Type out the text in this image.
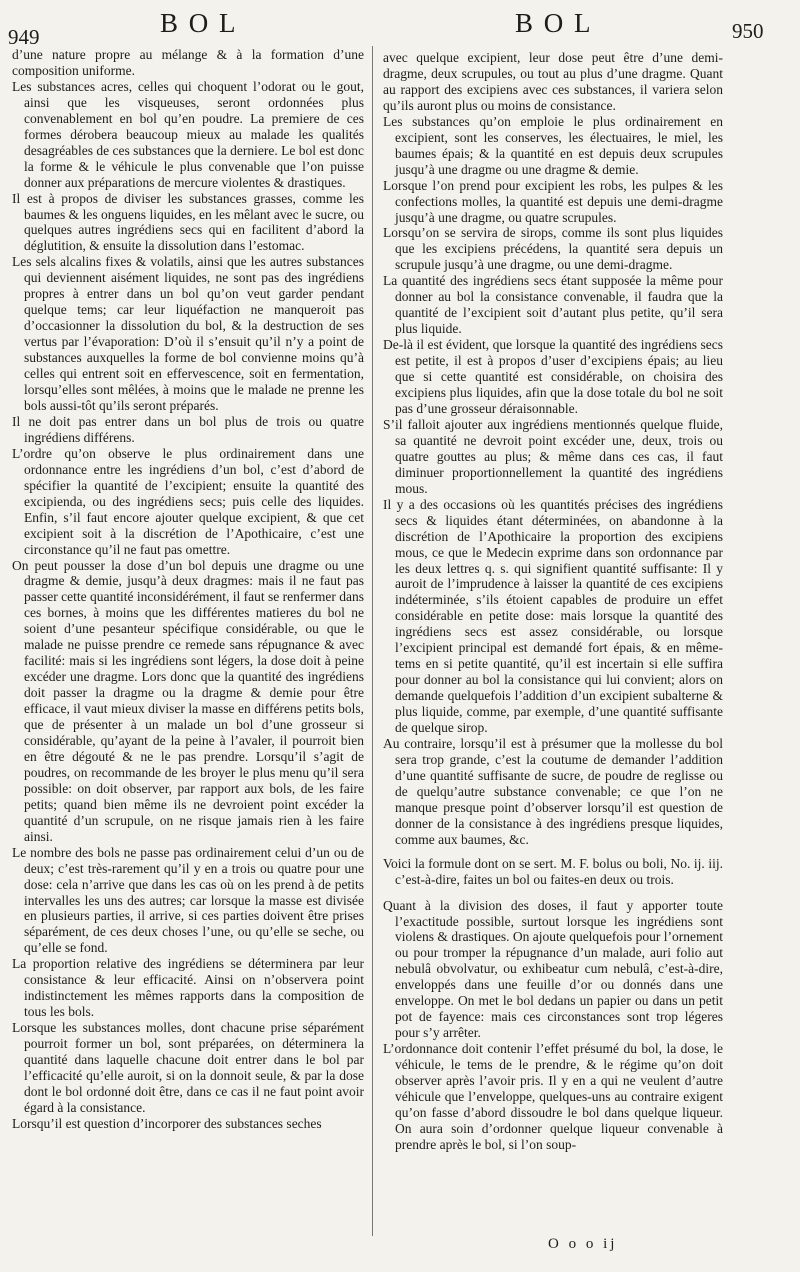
949	B O L	B O L	950

d’une nature propre au mélange & à la formation d’une composition uniforme.

Les substances acres, celles qui choquent l’odorat ou le gout, ainsi que les visqueuses, seront ordonnées plus convenablement en bol qu’en poudre. La premiere de ces formes dérobera beaucoup mieux au malade les qualités desagréables de ces substances que la derniere. Le bol est donc la forme & le véhicule le plus convenable que l’on puisse donner aux préparations de mercure violentes & drastiques.

Il est à propos de diviser les substances grasses, comme les baumes & les onguens liquides, en les mêlant avec le sucre, ou quelques autres ingrédiens secs qui en facilitent d’abord la déglutition, & ensuite la dissolution dans l’estomac.

Les sels alcalins fixes & volatils, ainsi que les autres substances qui deviennent aisément liquides, ne sont pas des ingrédiens propres à entrer dans un bol qu’on veut garder pendant quelque tems; car leur liquéfaction ne manqueroit pas d’occasionner la dissolution du bol, & la destruction de ses vertus par l’évaporation: D’où il s’ensuit qu’il n’y a point de substances auxquelles la forme de bol convienne moins qu’à celles qui entrent soit en effervescence, soit en fermentation, lorsqu’elles sont mêlées, à moins que le malade ne prenne les bols aussi-tôt qu’ils seront préparés.

Il ne doit pas entrer dans un bol plus de trois ou quatre ingrédiens différens.

L’ordre qu’on observe le plus ordinairement dans une ordonnance entre les ingrédiens d’un bol, c’est d’abord de spécifier la quantité de l’excipient; ensuite la quantité des excipienda, ou des ingrédiens secs; puis celle des liquides. Enfin, s’il faut encore ajouter quelque excipient, & que cet excipient soit à la discrétion de l’Apothicaire, c’est une circonstance qu’il ne faut pas omettre.

On peut pousser la dose d’un bol depuis une dragme ou une dragme & demie, jusqu’à deux dragmes: mais il ne faut pas passer cette quantité inconsidérément, il faut se renfermer dans ces bornes, à moins que les différentes matieres du bol ne soient d’une pesanteur spécifique considérable, ou que le malade ne puisse prendre ce remede sans répugnance & avec facilité: mais si les ingrédiens sont légers, la dose doit à peine excéder une dragme. Lors donc que la quantité des ingrédiens doit passer la dragme ou la dragme & demie pour être efficace, il vaut mieux diviser la masse en différens petits bols, que de présenter à un malade un bol d’une grosseur si considérable, qu’ayant de la peine à l’avaler, il pourroit bien en être dégouté & ne le pas prendre. Lorsqu’il s’agit de poudres, on recommande de les broyer le plus menu qu’il sera possible: on doit observer, par rapport aux bols, de les faire petits; quand bien même ils ne devroient point excéder la quantité d’un scrupule, on ne risque jamais rien à les faire ainsi.

Le nombre des bols ne passe pas ordinairement celui d’un ou de deux; c’est très-rarement qu’il y en a trois ou quatre pour une dose: cela n’arrive que dans les cas où on les prend à de petits intervalles les uns des autres; car lorsque la masse est divisée en plusieurs parties, il arrive, si ces parties doivent être prises séparément, de ces deux choses l’une, ou qu’elle se seche, ou qu’elle se fond.

La proportion relative des ingrédiens se déterminera par leur consistance & leur efficacité. Ainsi on n’observera point indistinctement les mêmes rapports dans la composition de tous les bols.

Lorsque les substances molles, dont chacune prise séparément pourroit former un bol, sont préparées, on déterminera la quantité dans laquelle chacune doit entrer dans le bol par l’efficacité qu’elle auroit, si on la donnoit seule, & par la dose dont le bol ordonné doit être, dans ce cas il ne faut point avoir égard à la consistance.

Lorsqu’il est question d’incorporer des substances seches

avec quelque excipient, leur dose peut être d’une demi-dragme, deux scrupules, ou tout au plus d’une dragme. Quant au rapport des excipiens avec ces substances, il variera selon qu’ils auront plus ou moins de consistance.

Les substances qu’on emploie le plus ordinairement en excipient, sont les conserves, les électuaires, le miel, les baumes épais; & la quantité en est depuis deux scrupules jusqu’à une dragme ou une dragme & demie.

Lorsque l’on prend pour excipient les robs, les pulpes & les confections molles, la quantité est depuis une demi-dragme jusqu’à une dragme, ou quatre scrupules.

Lorsqu’on se servira de sirops, comme ils sont plus liquides que les excipiens précédens, la quantité sera depuis un scrupule jusqu’à une dragme, ou une demi-dragme.

La quantité des ingrédiens secs étant supposée la même pour donner au bol la consistance convenable, il faudra que la quantité de l’excipient soit d’autant plus petite, qu’il sera plus liquide.

De-là il est évident, que lorsque la quantité des ingrédiens secs est petite, il est à propos d’user d’excipiens épais; au lieu que si cette quantité est considérable, on choisira des excipiens plus liquides, afin que la dose totale du bol ne soit pas d’une grosseur déraisonnable.

S’il falloit ajouter aux ingrédiens mentionnés quelque fluide, sa quantité ne devroit point excéder une, deux, trois ou quatre gouttes au plus; & même dans ces cas, il faut diminuer proportionnellement la quantité des ingrédiens mous.

Il y a des occasions où les quantités précises des ingrédiens secs & liquides étant déterminées, on abandonne à la discrétion de l’Apothicaire la proportion des excipiens mous, ce que le Medecin exprime dans son ordonnance par les deux lettres q. s. qui signifient quantité suffisante: Il y auroit de l’imprudence à laisser la quantité de ces excipiens indéterminée, s’ils étoient capables de produire un effet considérable en petite dose: mais lorsque la quantité des ingrédiens secs est assez considérable, ou lorsque l’excipient principal est demandé fort épais, & en même-tems en si petite quantité, qu’il est incertain si elle suffira pour donner au bol la consistance qui lui convient; alors on demande quelquefois l’addition d’un excipient subalterne & plus liquide, comme, par exemple, d’une quantité suffisante de quelque sirop.

Au contraire, lorsqu’il est à présumer que la mollesse du bol sera trop grande, c’est la coutume de demander l’addition d’une quantité suffisante de sucre, de poudre de reglisse ou de quelqu’autre substance convenable; ce que l’on ne manque presque point d’observer lorsqu’il est question de donner de la consistance à des ingrédiens presque liquides, comme aux baumes, &c.

Voici la formule dont on se sert. M. F. bolus ou boli, No. ij. iij. c’est-à-dire, faites un bol ou faites-en deux ou trois.

Quant à la division des doses, il faut y apporter toute l’exactitude possible, surtout lorsque les ingrédiens sont violens & drastiques. On ajoute quelquefois pour l’ornement ou pour tromper la répugnance d’un malade, auri folio aut nebulâ obvolvatur, ou exhibeatur cum nebulâ, c’est-à-dire, enveloppés dans une feuille d’or ou donnés dans une enveloppe. On met le bol dedans un papier ou dans un petit pot de fayence: mais ces circonstances sont trop légeres pour s’y arrêter.

L’ordonnance doit contenir l’effet présumé du bol, la dose, le véhicule, le tems de le prendre, & le régime qu’on doit observer après l’avoir pris. Il y en a qui ne veulent d’autre véhicule que l’enveloppe, quelques-uns au contraire exigent qu’on fasse d’abord dissoudre le bol dans quelque liqueur. On aura soin d’ordonner quelque liqueur convenable à prendre après le bol, si l’on soup-

O o o ij
